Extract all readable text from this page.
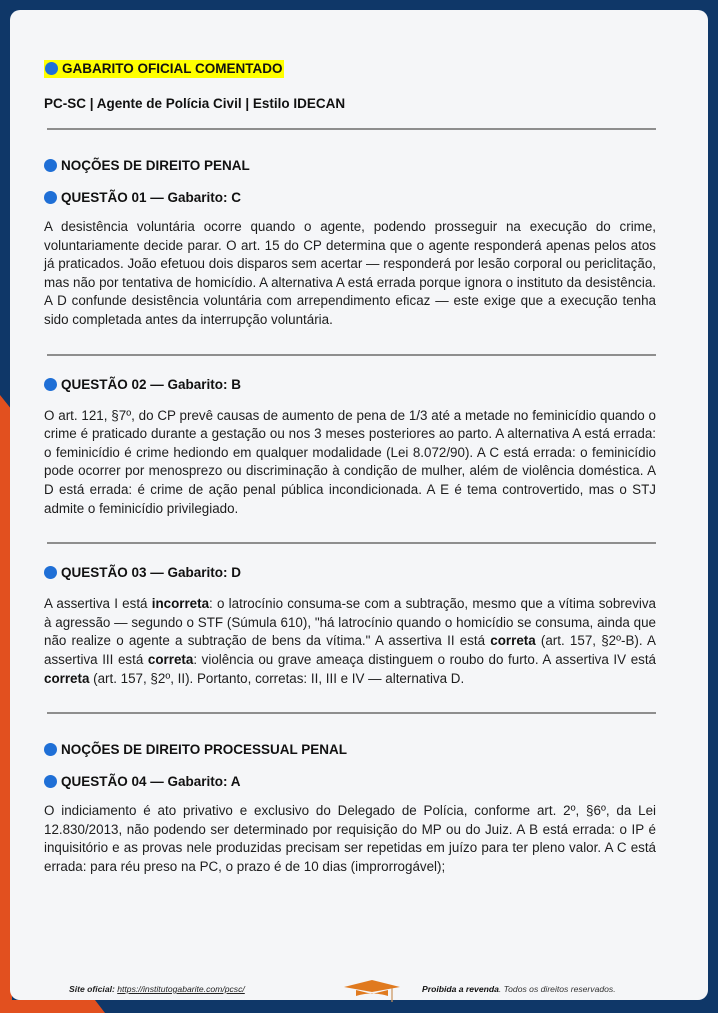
GABARITO OFICIAL COMENTADO
PC-SC | Agente de Polícia Civil | Estilo IDECAN
NOÇÕES DE DIREITO PENAL
QUESTÃO 01 — Gabarito: C
A desistência voluntária ocorre quando o agente, podendo prosseguir na execução do crime, voluntariamente decide parar. O art. 15 do CP determina que o agente responderá apenas pelos atos já praticados. João efetuou dois disparos sem acertar — responderá por lesão corporal ou periclitação, mas não por tentativa de homicídio. A alternativa A está errada porque ignora o instituto da desistência. A D confunde desistência voluntária com arrependimento eficaz — este exige que a execução tenha sido completada antes da interrupção voluntária.
QUESTÃO 02 — Gabarito: B
O art. 121, §7º, do CP prevê causas de aumento de pena de 1/3 até a metade no feminicídio quando o crime é praticado durante a gestação ou nos 3 meses posteriores ao parto. A alternativa A está errada: o feminicídio é crime hediondo em qualquer modalidade (Lei 8.072/90). A C está errada: o feminicídio pode ocorrer por menosprezo ou discriminação à condição de mulher, além de violência doméstica. A D está errada: é crime de ação penal pública incondicionada. A E é tema controvertido, mas o STJ admite o feminicídio privilegiado.
QUESTÃO 03 — Gabarito: D
A assertiva I está incorreta: o latrocínio consuma-se com a subtração, mesmo que a vítima sobreviva à agressão — segundo o STF (Súmula 610), "há latrocínio quando o homicídio se consuma, ainda que não realize o agente a subtração de bens da vítima." A assertiva II está correta (art. 157, §2º-B). A assertiva III está correta: violência ou grave ameaça distinguem o roubo do furto. A assertiva IV está correta (art. 157, §2º, II). Portanto, corretas: II, III e IV — alternativa D.
NOÇÕES DE DIREITO PROCESSUAL PENAL
QUESTÃO 04 — Gabarito: A
O indiciamento é ato privativo e exclusivo do Delegado de Polícia, conforme art. 2º, §6º, da Lei 12.830/2013, não podendo ser determinado por requisição do MP ou do Juiz. A B está errada: o IP é inquisitório e as provas nele produzidas precisam ser repetidas em juízo para ter pleno valor. A C está errada: para réu preso na PC, o prazo é de 10 dias (improrrogável);
Site oficial: https://institutogabarite.com/pcsc/	Proibida a revenda. Todos os direitos reservados.
